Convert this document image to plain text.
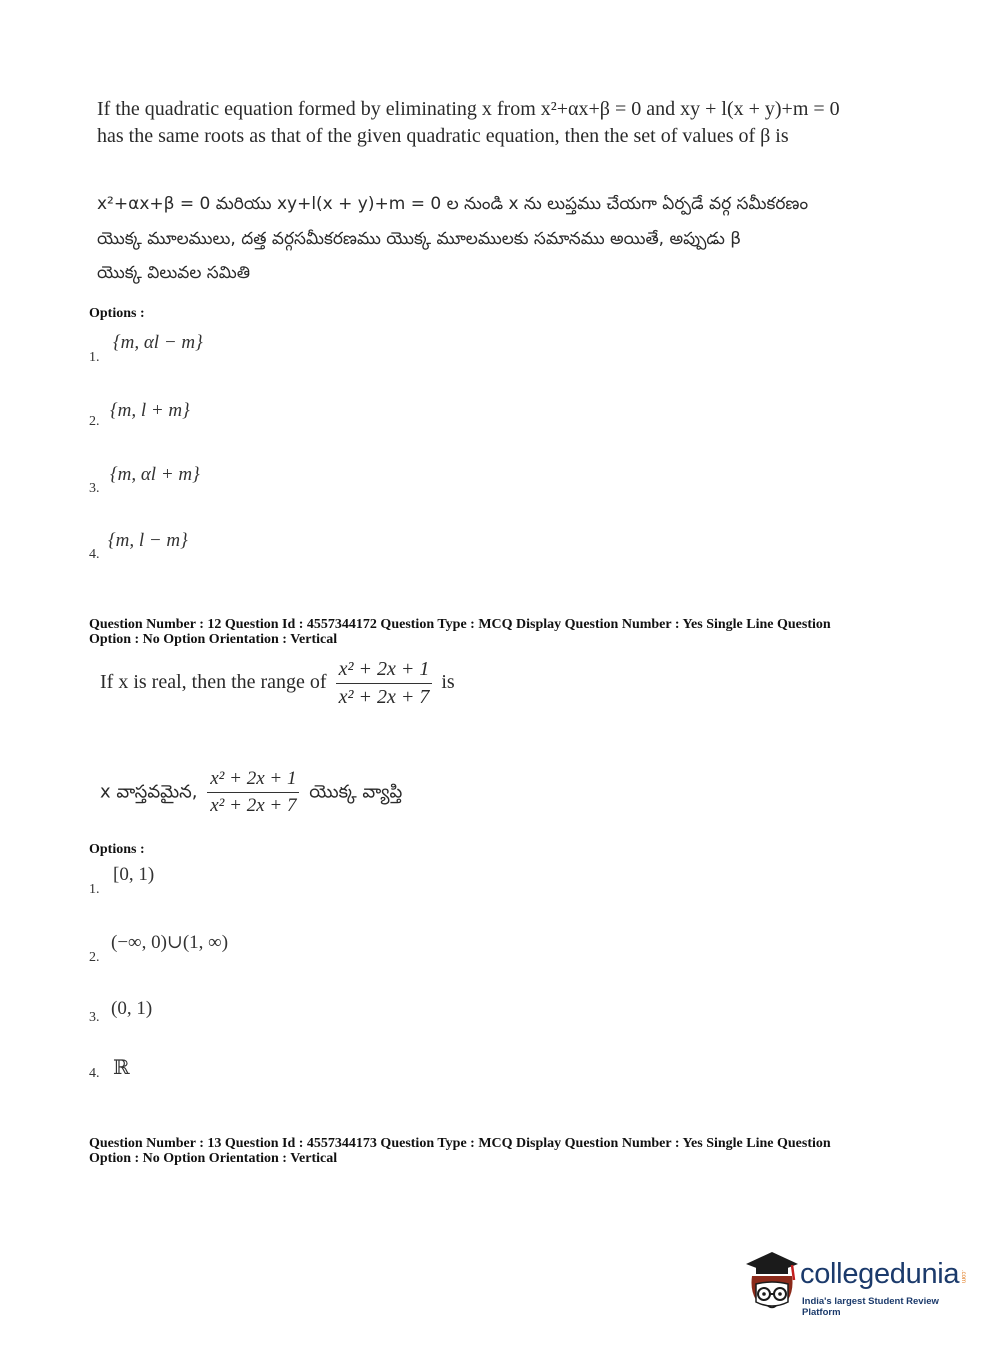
If the quadratic equation formed by eliminating x from x²+αx+β = 0 and xy + l(x + y)+m = 0
has the same roots as that of the given quadratic equation, then the set of values of β is
x²+αx+β = 0 మరియు xy+l(x + y)+m = 0 ల నుండి x ను లుప్తము చేయగా ఏర్పడే వర్గ సమీకరణం
యొక్క మూలములు, దత్త వర్గసమీకరణము యొక్క మూలములకు సమానము అయితే, అప్పుడు β
యొక్క విలువల సమితి
Options :
1.
{m, αl − m}
2.
{m, l + m}
3.
{m, αl + m}
4.
{m, l − m}
Question Number : 12 Question Id : 4557344172 Question Type : MCQ Display Question Number : Yes Single Line Question
Option : No Option Orientation : Vertical
If x is real, then the range of $\frac{\text{x² + 2x + 1}}{\text{x² + 2x + 7}}$ is
x వాస్తవమైన, $\frac{\text{x² + 2x + 1}}{\text{x² + 2x + 7}}$ యొక్క వ్యాప్తి
Options :
1.
[0, 1)
2.
(−∞, 0)∪(1, ∞)
3. (0, 1)
4. ℝ
Question Number : 13 Question Id : 4557344173 Question Type : MCQ Display Question Number : Yes Single Line Question
Option : No Option Orientation : Vertical
collegedunia .com
India's largest Student Review Platform
